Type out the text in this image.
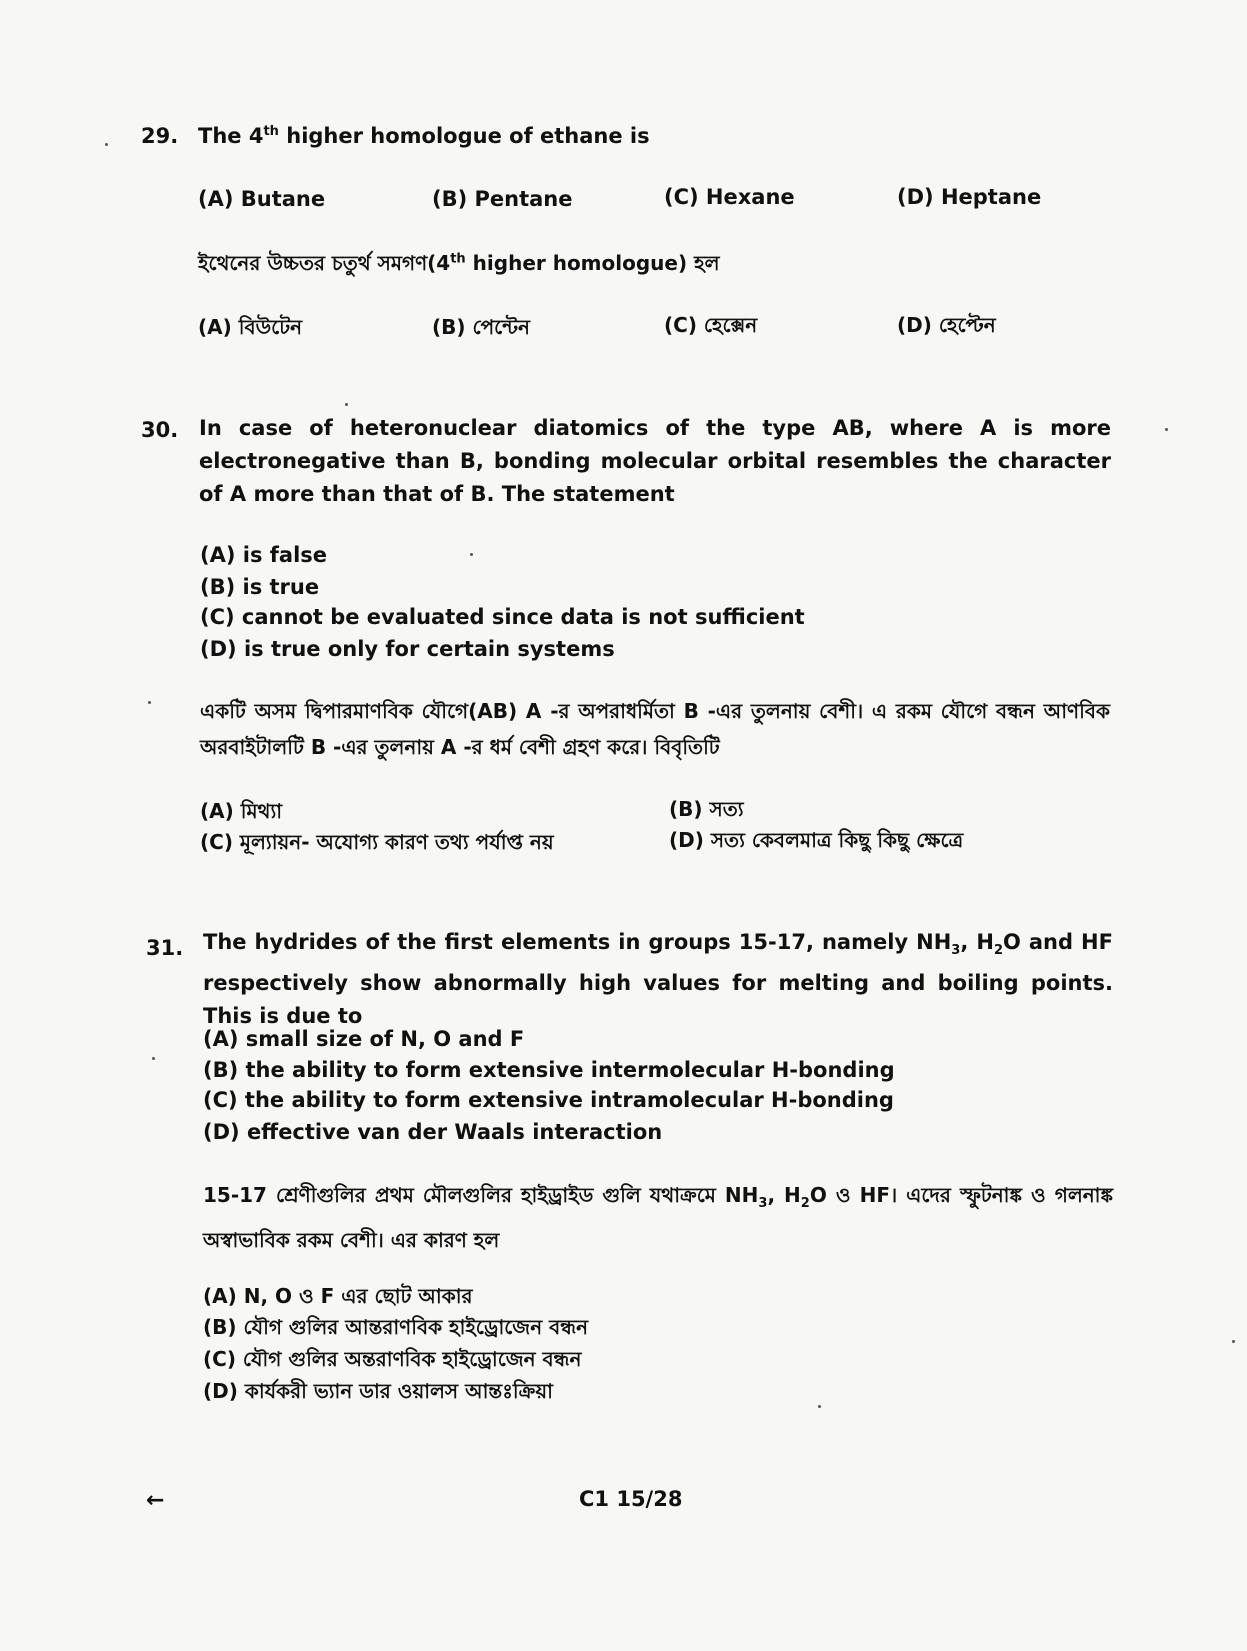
29. The 4th higher homologue of ethane is
(A) Butane	(B) Pentane	(C) Hexane	(D) Heptane
ইথেনের উচ্চতর চতুর্থ সমগণ(4th higher homologue) হল
(A) বিউটেন	(B) পেন্টেন	(C) হেক্সেন	(D) হেপ্টেন
30. In case of heteronuclear diatomics of the type AB, where A is more electronegative than B, bonding molecular orbital resembles the character of A more than that of B. The statement
(A) is false
(B) is true
(C) cannot be evaluated since data is not sufficient
(D) is true only for certain systems
একটি অসম দ্বিপারমাণবিক যৌগে(AB) A -র অপরাধর্মিতা B -এর তুলনায় বেশী। এ রকম যৌগে বন্ধন আণবিক অরবাইটালটি B -এর তুলনায় A -র ধর্ম বেশী গ্রহণ করে। বিবৃতিটি
(A) মিথ্যা	(B) সত্য
(C) মূল্যায়ন- অযোগ্য কারণ তথ্য পর্যাপ্ত নয়	(D) সত্য কেবলমাত্র কিছু কিছু ক্ষেত্রে
31. The hydrides of the first elements in groups 15-17, namely $NH_3$, $H_2O$ and HF respectively show abnormally high values for melting and boiling points. This is due to
(A) small size of N, O and F
(B) the ability to form extensive intermolecular H-bonding
(C) the ability to form extensive intramolecular H-bonding
(D) effective van der Waals interaction
15-17 শ্রেণীগুলির প্রথম মৌলগুলির হাইড্রাইড গুলি যথাক্রমে $NH_3$, $H_2O$ ও HF। এদের স্ফুটনাঙ্ক ও গলনাঙ্ক অস্বাভাবিক রকম বেশী। এর কারণ হল
(A) N, O ও F এর ছোট আকার
(B) যৌগ গুলির আন্তরাণবিক হাইড্রোজেন বন্ধন
(C) যৌগ গুলির অন্তরাণবিক হাইড্রোজেন বন্ধন
(D) কার্যকরী ভ্যান ডার ওয়ালস আন্তঃক্রিয়া
←	C1 15/28
